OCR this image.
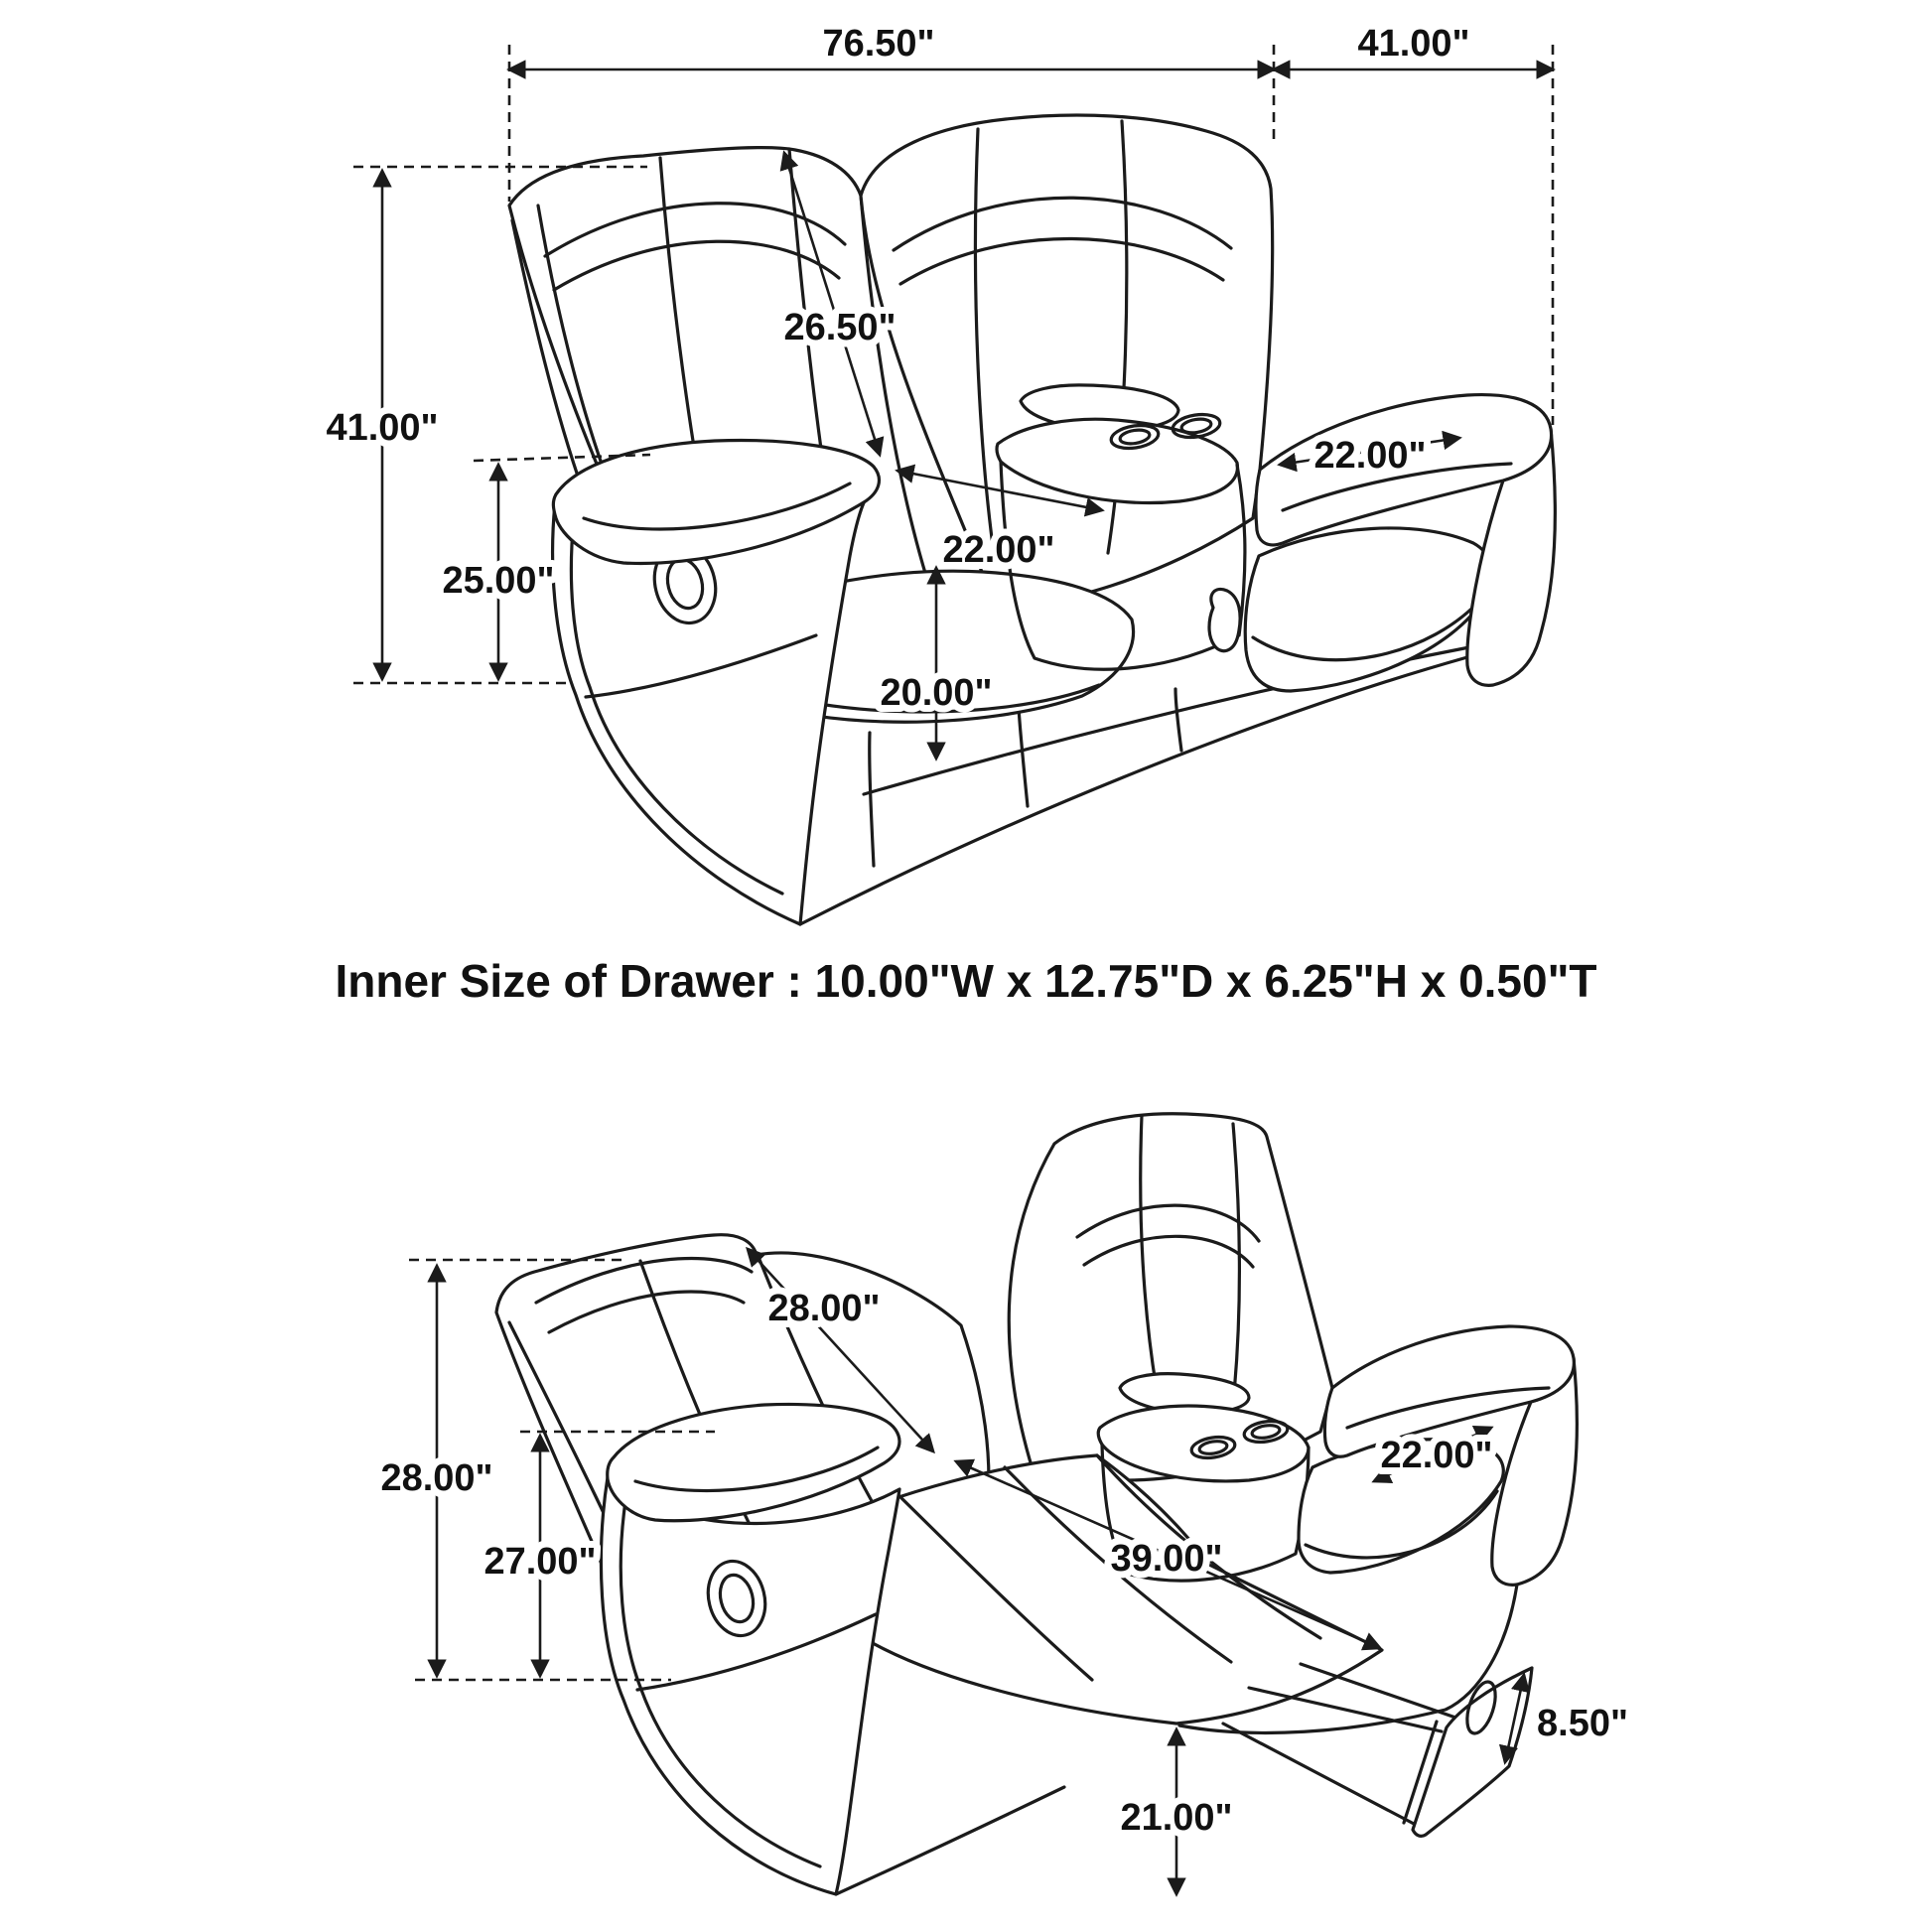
76.50"	41.00"
41.00"
26.50"
25.00"
22.00"
22.00"
20.00"
Inner Size of Drawer : 10.00"W x 12.75"D x 6.25"H x 0.50"T
28.00"
28.00"
27.00"
22.00"
39.00"
8.50"
21.00"
